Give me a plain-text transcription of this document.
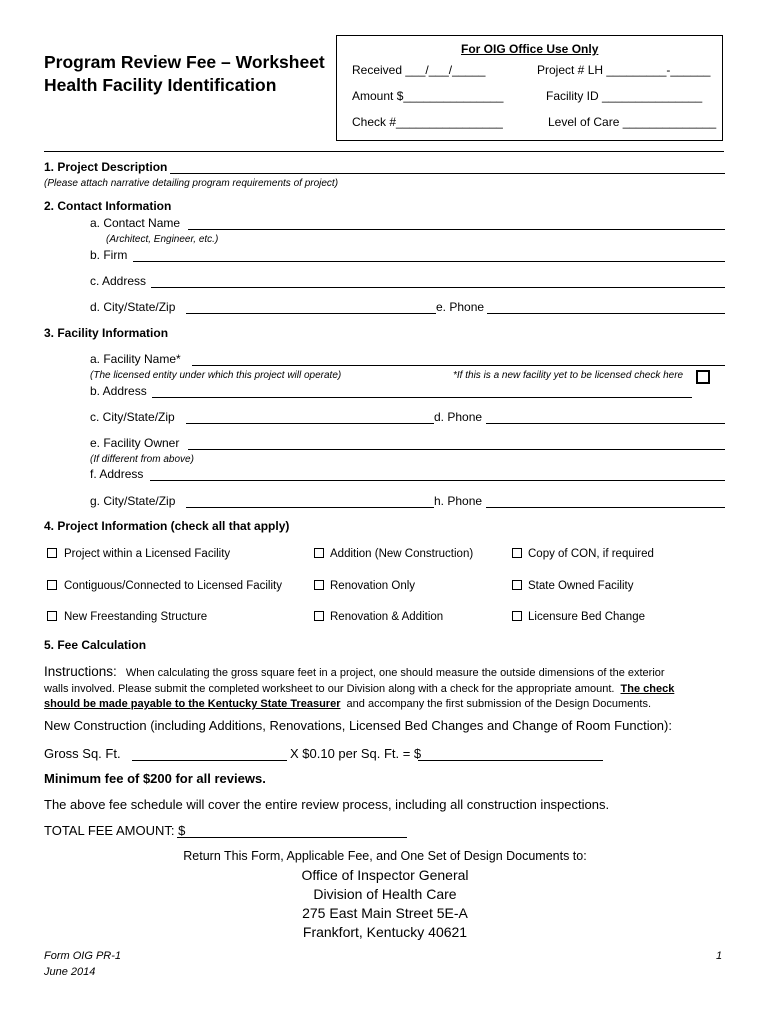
Program Review Fee – Worksheet
Health Facility Identification
For OIG Office Use Only
Received ___/___/_____	Project # LH _________-______
Amount $_______________	Facility ID _______________
Check #________________	Level of Care ______________
1. Project Description
(Please attach narrative detailing program requirements of project)
2. Contact Information
a. Contact Name
(Architect, Engineer, etc.)
b. Firm
c. Address
d. City/State/Zip	e. Phone
3. Facility Information
a. Facility Name*
(The licensed entity under which this project will operate)	*If this is a new facility yet to be licensed check here
b. Address
c. City/State/Zip	d. Phone
e. Facility Owner
(If different from above)
f. Address
g. City/State/Zip	h. Phone
4. Project Information (check all that apply)
Project within a Licensed Facility	Addition (New Construction)	Copy of CON, if required
Contiguous/Connected to Licensed Facility	Renovation Only	State Owned Facility
New Freestanding Structure	Renovation & Addition	Licensure Bed Change
5. Fee Calculation
Instructions: When calculating the gross square feet in a project, one should measure the outside dimensions of the exterior
walls involved. Please submit the completed worksheet to our Division along with a check for the appropriate amount. The check
should be made payable to the Kentucky State Treasurer and accompany the first submission of the Design Documents.
New Construction (including Additions, Renovations, Licensed Bed Changes and Change of Room Function):
Gross Sq. Ft.	X $0.10 per Sq. Ft. = $
Minimum fee of $200 for all reviews.
The above fee schedule will cover the entire review process, including all construction inspections.
TOTAL FEE AMOUNT: $
Return This Form, Applicable Fee, and One Set of Design Documents to:
Office of Inspector General
Division of Health Care
275 East Main Street 5E-A
Frankfort, Kentucky 40621
Form OIG PR-1
June 2014
1
